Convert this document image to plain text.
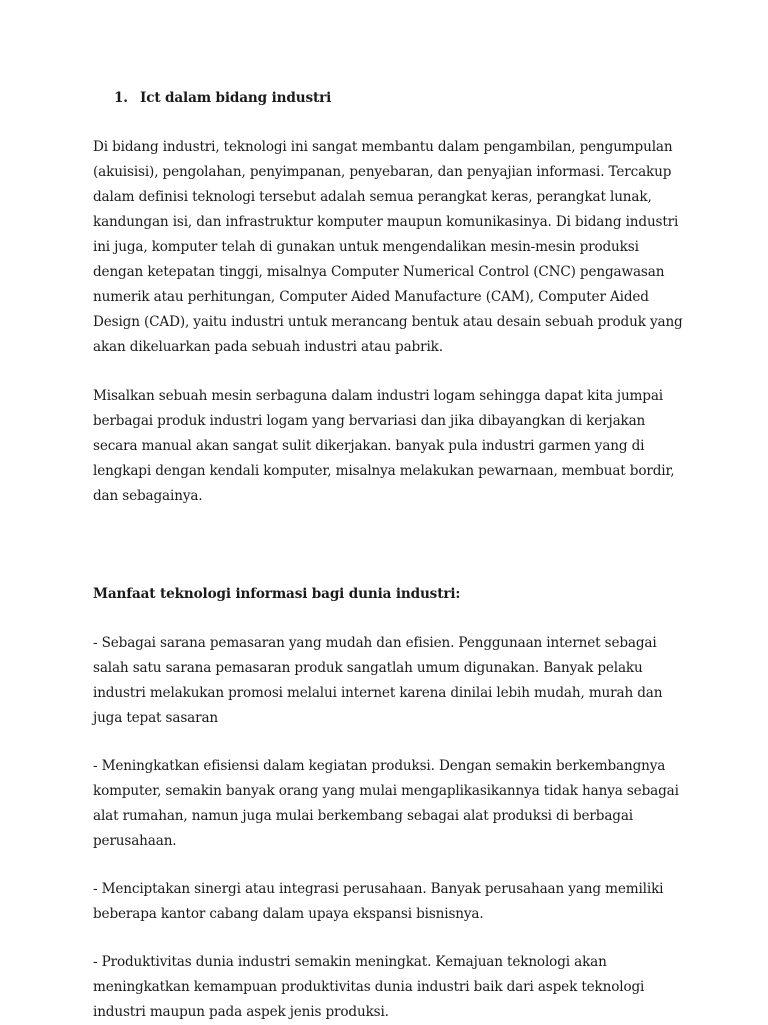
1. Ict dalam bidang industri

Di bidang industri, teknologi ini sangat membantu dalam pengambilan, pengumpulan (akuisisi), pengolahan, penyimpanan, penyebaran, dan penyajian informasi. Tercakup dalam definisi teknologi tersebut adalah semua perangkat keras, perangkat lunak, kandungan isi, dan infrastruktur komputer maupun komunikasinya. Di bidang industri ini juga, komputer telah di gunakan untuk mengendalikan mesin-mesin produksi dengan ketepatan tinggi, misalnya Computer Numerical Control (CNC) pengawasan numerik atau perhitungan, Computer Aided Manufacture (CAM), Computer Aided Design (CAD), yaitu industri untuk merancang bentuk atau desain sebuah produk yang akan dikeluarkan pada sebuah industri atau pabrik.

Misalkan sebuah mesin serbaguna dalam industri logam sehingga dapat kita jumpai berbagai produk industri logam yang bervariasi dan jika dibayangkan di kerjakan secara manual akan sangat sulit dikerjakan. banyak pula industri garmen yang di lengkapi dengan kendali komputer, misalnya melakukan pewarnaan, membuat bordir, dan sebagainya.

Manfaat teknologi informasi bagi dunia industri:

- Sebagai sarana pemasaran yang mudah dan efisien. Penggunaan internet sebagai salah satu sarana pemasaran produk sangatlah umum digunakan. Banyak pelaku industri melakukan promosi melalui internet karena dinilai lebih mudah, murah dan juga tepat sasaran

- Meningkatkan efisiensi dalam kegiatan produksi. Dengan semakin berkembangnya komputer, semakin banyak orang yang mulai mengaplikasikannya tidak hanya sebagai alat rumahan, namun juga mulai berkembang sebagai alat produksi di berbagai perusahaan.

- Menciptakan sinergi atau integrasi perusahaan. Banyak perusahaan yang memiliki beberapa kantor cabang dalam upaya ekspansi bisnisnya.

- Produktivitas dunia industri semakin meningkat. Kemajuan teknologi akan meningkatkan kemampuan produktivitas dunia industri baik dari aspek teknologi industri maupun pada aspek jenis produksi.
